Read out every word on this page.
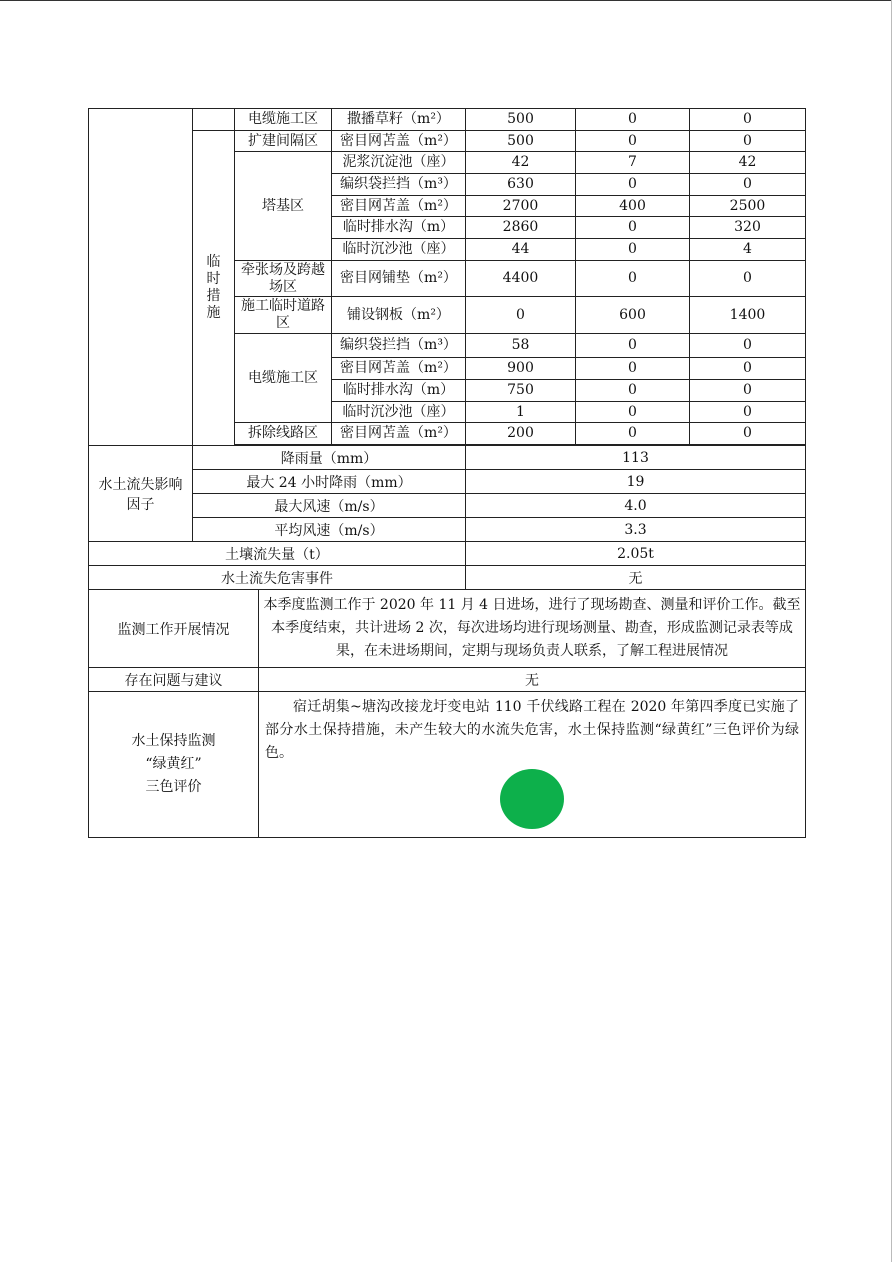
		电缆施工区	撒播草籽（m²）	500	0	0

	临
时
措
施	扩建间隔区	密目网苫盖（m²）	500	0	0
		塔基区	泥浆沉淀池（座）	42	7	42
			编织袋拦挡（m³）	630	0	0
			密目网苫盖（m²）	2700	400	2500
			临时排水沟（m）	2860	0	320
			临时沉沙池（座）	44	0	4
		牵张场及跨越场区	密目网铺垫（m²）	4400	0	0
		施工临时道路区	铺设钢板（m²）	0	600	1400
		电缆施工区	编织袋拦挡（m³）	58	0	0
			密目网苫盖（m²）	900	0	0
			临时排水沟（m）	750	0	0
			临时沉沙池（座）	1	0	0
		拆除线路区	密目网苫盖（m²）	200	0	0

水土流失影响因子	降雨量（mm）		113
	最大 24 小时降雨（mm）		19
	最大风速（m/s）		4.0
	平均风速（m/s）		3.3
土壤流失量（t）			2.05t
水土流失危害事件			无
监测工作开展情况		本季度监测工作于 2020 年 11 月 4 日进场，进行了现场勘查、测量和评价工作。截至本季度结束，共计进场 2 次，每次进场均进行现场测量、勘查，形成监测记录表等成果，在未进场期间，定期与现场负责人联系，了解工程进展情况	
存在问题与建议		无	

水土保持监测
“绿黄红”
三色评价		宿迁胡集~塘沟改接龙圩变电站 110 千伏线路工程在 2020 年第四季度已实施了部分水土保持措施，未产生较大的水流失危害，水土保持监测“绿黄红”三色评价为绿色。	
